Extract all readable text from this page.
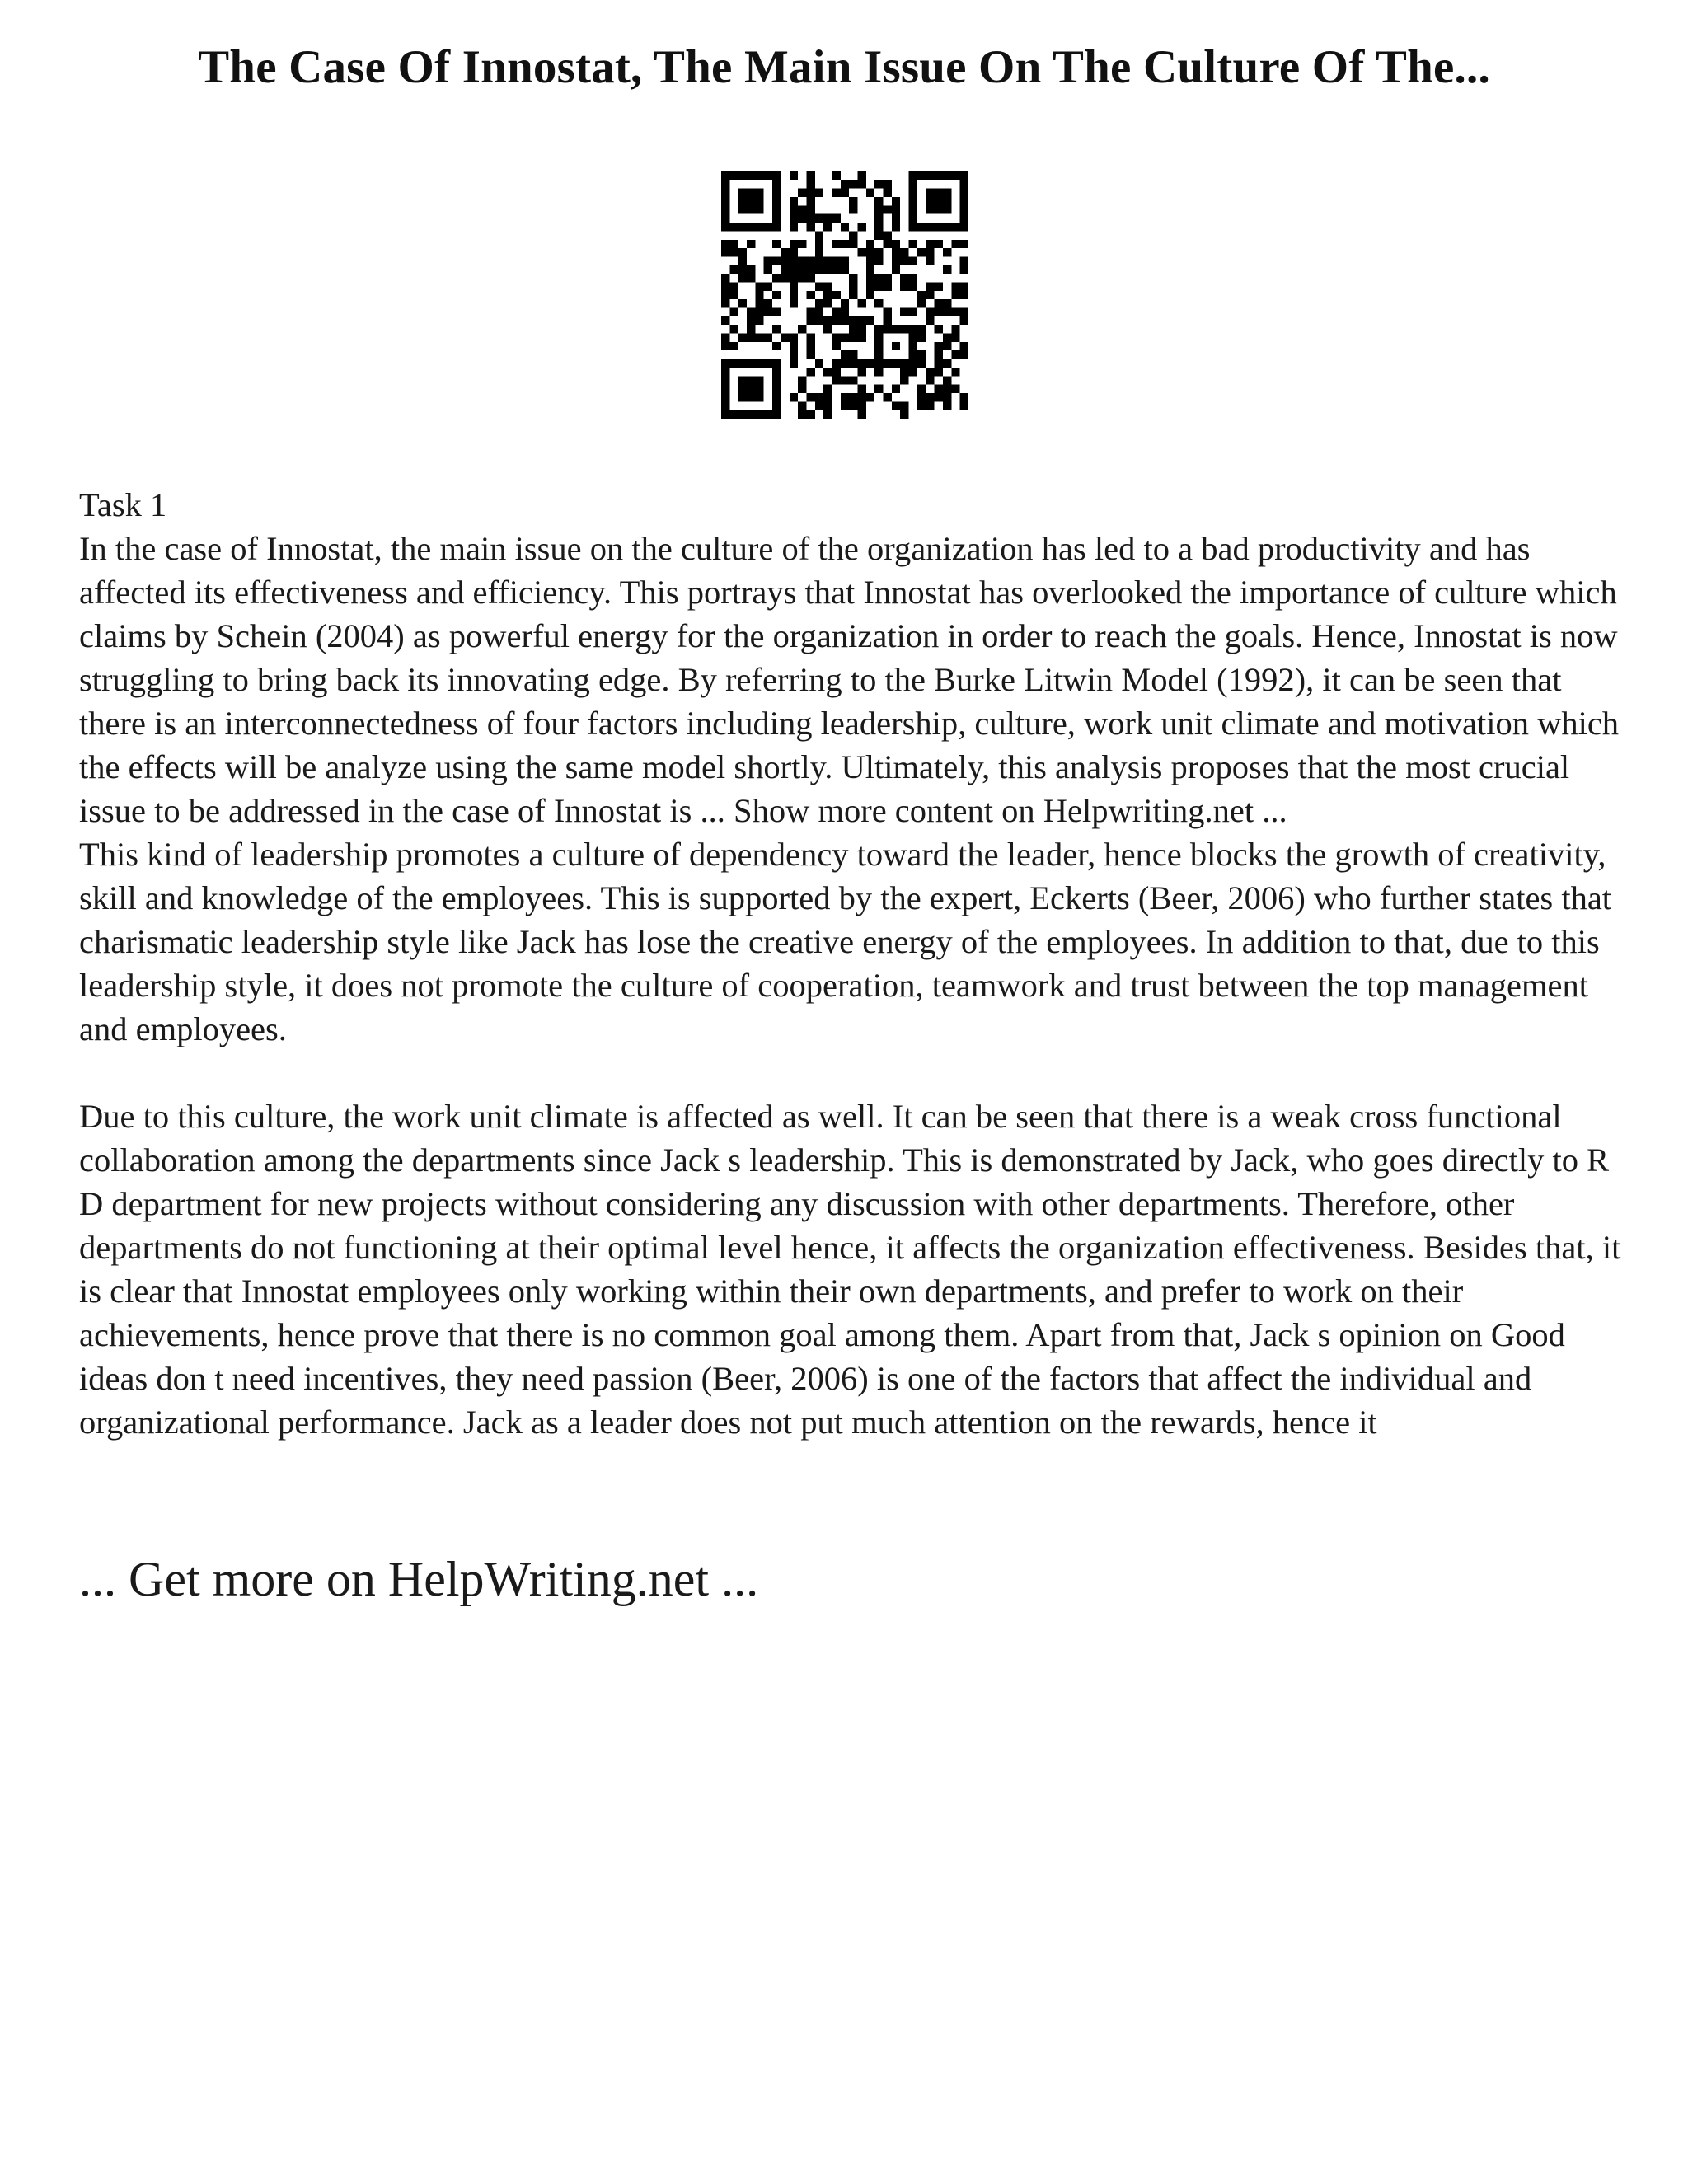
The Case Of Innostat, The Main Issue On The Culture Of The...

Task 1

In the case of Innostat, the main issue on the culture of the organization has led to a bad productivity and has affected its effectiveness and efficiency. This portrays that Innostat has overlooked the importance of culture which claims by Schein (2004) as powerful energy for the organization in order to reach the goals. Hence, Innostat is now struggling to bring back its innovating edge. By referring to the Burke Litwin Model (1992), it can be seen that there is an interconnectedness of four factors including leadership, culture, work unit climate and motivation which the effects will be analyze using the same model shortly. Ultimately, this analysis proposes that the most crucial issue to be addressed in the case of Innostat is ... Show more content on Helpwriting.net ...

This kind of leadership promotes a culture of dependency toward the leader, hence blocks the growth of creativity, skill and knowledge of the employees. This is supported by the expert, Eckerts (Beer, 2006) who further states that charismatic leadership style like Jack has lose the creative energy of the employees. In addition to that, due to this leadership style, it does not promote the culture of cooperation, teamwork and trust between the top management and employees.

Due to this culture, the work unit climate is affected as well. It can be seen that there is a weak cross functional collaboration among the departments since Jack s leadership. This is demonstrated by Jack, who goes directly to R D department for new projects without considering any discussion with other departments. Therefore, other departments do not functioning at their optimal level hence, it affects the organization effectiveness. Besides that, it is clear that Innostat employees only working within their own departments, and prefer to work on their achievements, hence prove that there is no common goal among them. Apart from that, Jack s opinion on Good ideas don t need incentives, they need passion (Beer, 2006) is one of the factors that affect the individual and organizational performance. Jack as a leader does not put much attention on the rewards, hence it

... Get more on HelpWriting.net ...
